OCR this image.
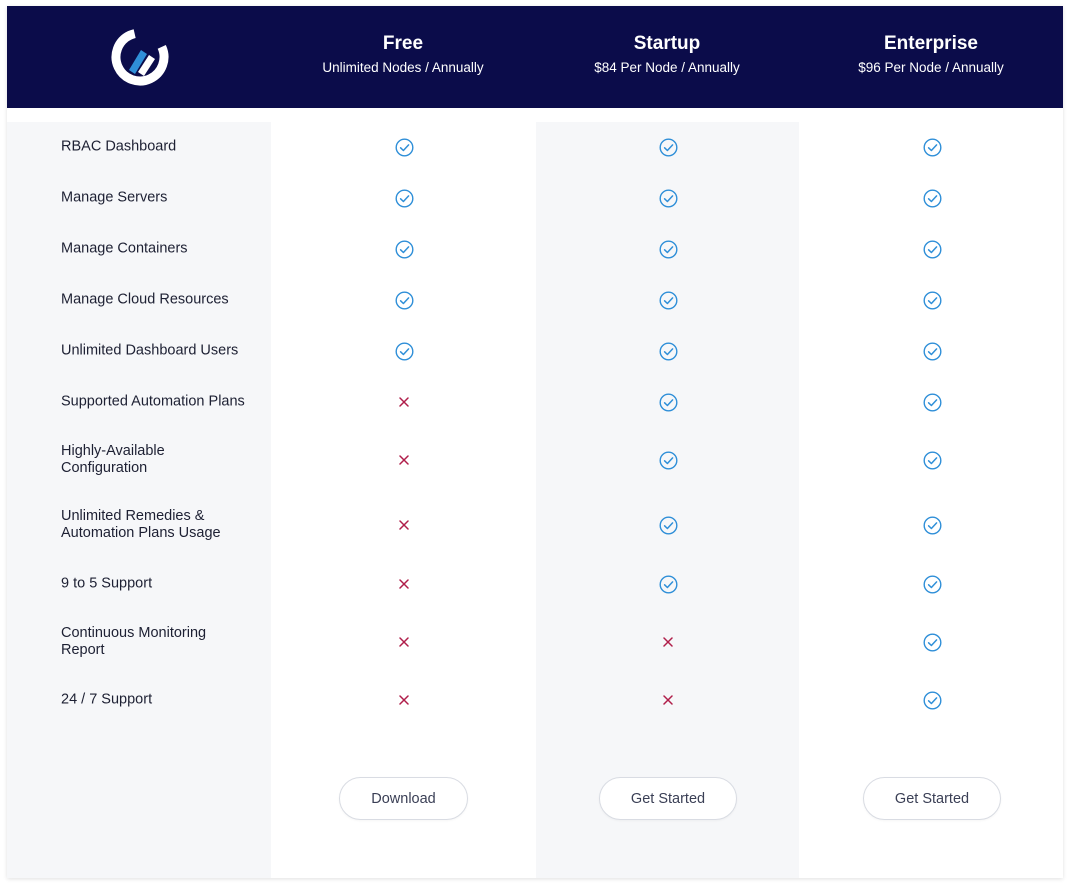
Free
Unlimited Nodes / Annually
Startup
$84 Per Node / Annually
Enterprise
$96 Per Node / Annually
RBAC Dashboard
Manage Servers
Manage Containers
Manage Cloud Resources
Unlimited Dashboard Users
Supported Automation Plans
Highly-Available
Configuration
Unlimited Remedies &
Automation Plans Usage
9 to 5 Support
Continuous Monitoring
Report
24 / 7 Support
Download	Get Started	Get Started
